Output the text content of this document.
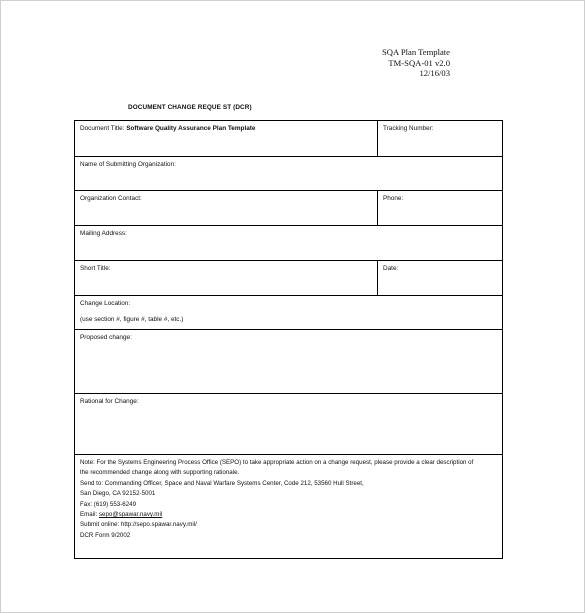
SQA Plan Template
TM-SQA-01 v2.0
12/16/03
DOCUMENT CHANGE REQUE ST (DCR)
Document Title: Software Quality Assurance Plan Template	Tracking Number:
Name of Submitting Organization:
Organization Contact:	Phone:
Mailing Address:
Short Title:	Date:
Change Location:
(use section #, figure #, table #, etc.)
Proposed change:
Rational for Change:
Note: For the Systems Engineering Process Office (SEPO) to take appropriate action on a change request, please provide a clear description of
the recommended change along with supporting rationale.
Send to: Commanding Officer, Space and Naval Warfare Systems Center, Code 212, 53560 Hull Street,
San Diego, CA 92152-5001
Fax: (619) 553-6249
Email: sepo@spawar.navy.mil
Submit online: http://sepo.spawar.navy.mil/
DCR Form 9/2002
